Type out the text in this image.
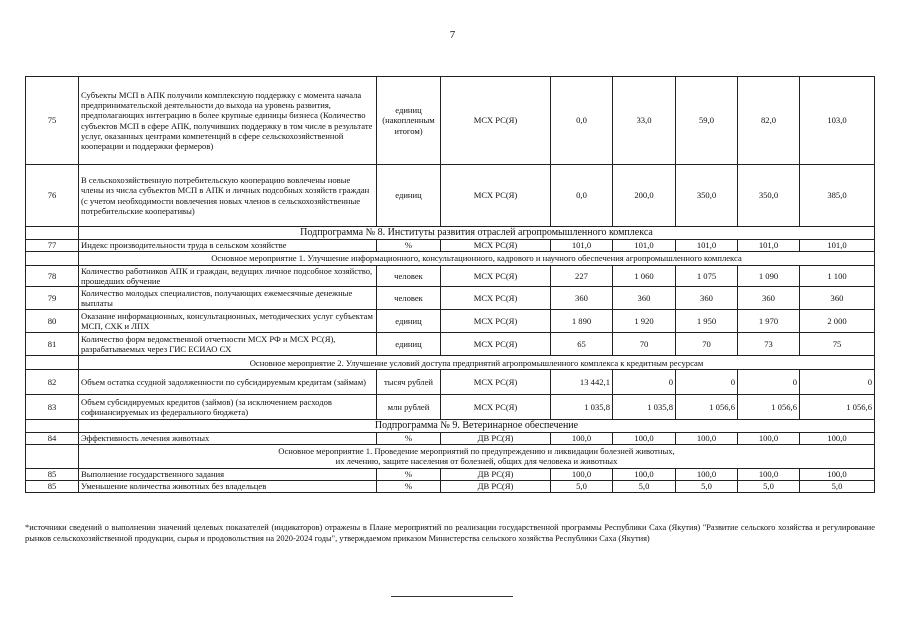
7
75	Субъекты МСП в АПК получили комплексную поддержку с момента начала предпринимательской деятельности до выхода на уровень развития, предполагающих интеграцию в более крупные единицы бизнеса (Количество субъектов МСП в сфере АПК, получивших поддержку в том числе в результате услуг, оказанных центрами компетенций в сфере сельскохозяйственной кооперации и поддержки фермеров)	единиц (накопленным итогом)	МСХ РС(Я)	0,0	33,0	59,0	82,0	103,0
76	В сельскохозяйственную потребительскую кооперацию вовлечены новые члены из числа субъектов МСП в АПК и личных подсобных хозяйств граждан (с учетом необходимости вовлечения новых членов в сельскохозяйственные потребительские кооперативы)	единиц	МСХ РС(Я)	0,0	200,0	350,0	350,0	385,0
	Подпрограмма № 8. Институты развития отраслей агропромышленного комплекса							
77	Индекс производительности труда в сельском хозяйстве	%	МСХ РС(Я)	101,0	101,0	101,0	101,0	101,0
	Основное мероприятие 1. Улучшение информационного, консультационного, кадрового и научного обеспечения агропромышленного комплекса							
78	Количество работников АПК и граждан, ведущих личное подсобное хозяйство, прошедших обучение	человек	МСХ РС(Я)	227	1 060	1 075	1 090	1 100
79	Количество молодых специалистов, получающих ежемесячные денежные выплаты	человек	МСХ РС(Я)	360	360	360	360	360
80	Оказание информационных, консультационных, методических услуг субъектам МСП, СХК и ЛПХ	единиц	МСХ РС(Я)	1 890	1 920	1 950	1 970	2 000
81	Количество форм ведомственной отчетности МСХ РФ и МСХ РС(Я), разрабатываемых через ГИС ЕСИАО СХ	единиц	МСХ РС(Я)	65	70	70	73	75
	Основное мероприятие 2. Улучшение условий доступа предприятий агропромышленного комплекса к кредитным ресурсам							
82	Объем остатка ссудной задолженности по субсидируемым кредитам (займам)	тысяч рублей	МСХ РС(Я)	13 442,1	0	0	0	0
83	Объем субсидируемых кредитов (займов) (за исключением расходов софинансируемых из федерального бюджета)	млн рублей	МСХ РС(Я)	1 035,8	1 035,8	1 056,6	1 056,6	1 056,6
	Подпрограмма № 9. Ветеринарное обеспечение							
84	Эффективность лечения животных	%	ДВ РС(Я)	100,0	100,0	100,0	100,0	100,0
	Основное мероприятие 1. Проведение мероприятий по предупреждению и ликвидации болезней животных,
их лечению, защите населения от болезней, общих для человека и животных							
85	Выполнение государственного задания	%	ДВ РС(Я)	100,0	100,0	100,0	100,0	100,0
85	Уменьшение количества животных без владельцев	%	ДВ РС(Я)	5,0	5,0	5,0	5,0	5,0
*источники сведений о выполнении значений целевых показателей (индикаторов) отражены в Плане мероприятий по реализации государственной программы Республики Саха (Якутия) "Развитие сельского хозяйства и регулирование рынков сельскохозяйственной продукции, сырья и продовольствия на 2020-2024 годы", утверждаемом приказом Министерства сельского хозяйства Республики Саха (Якутия)
